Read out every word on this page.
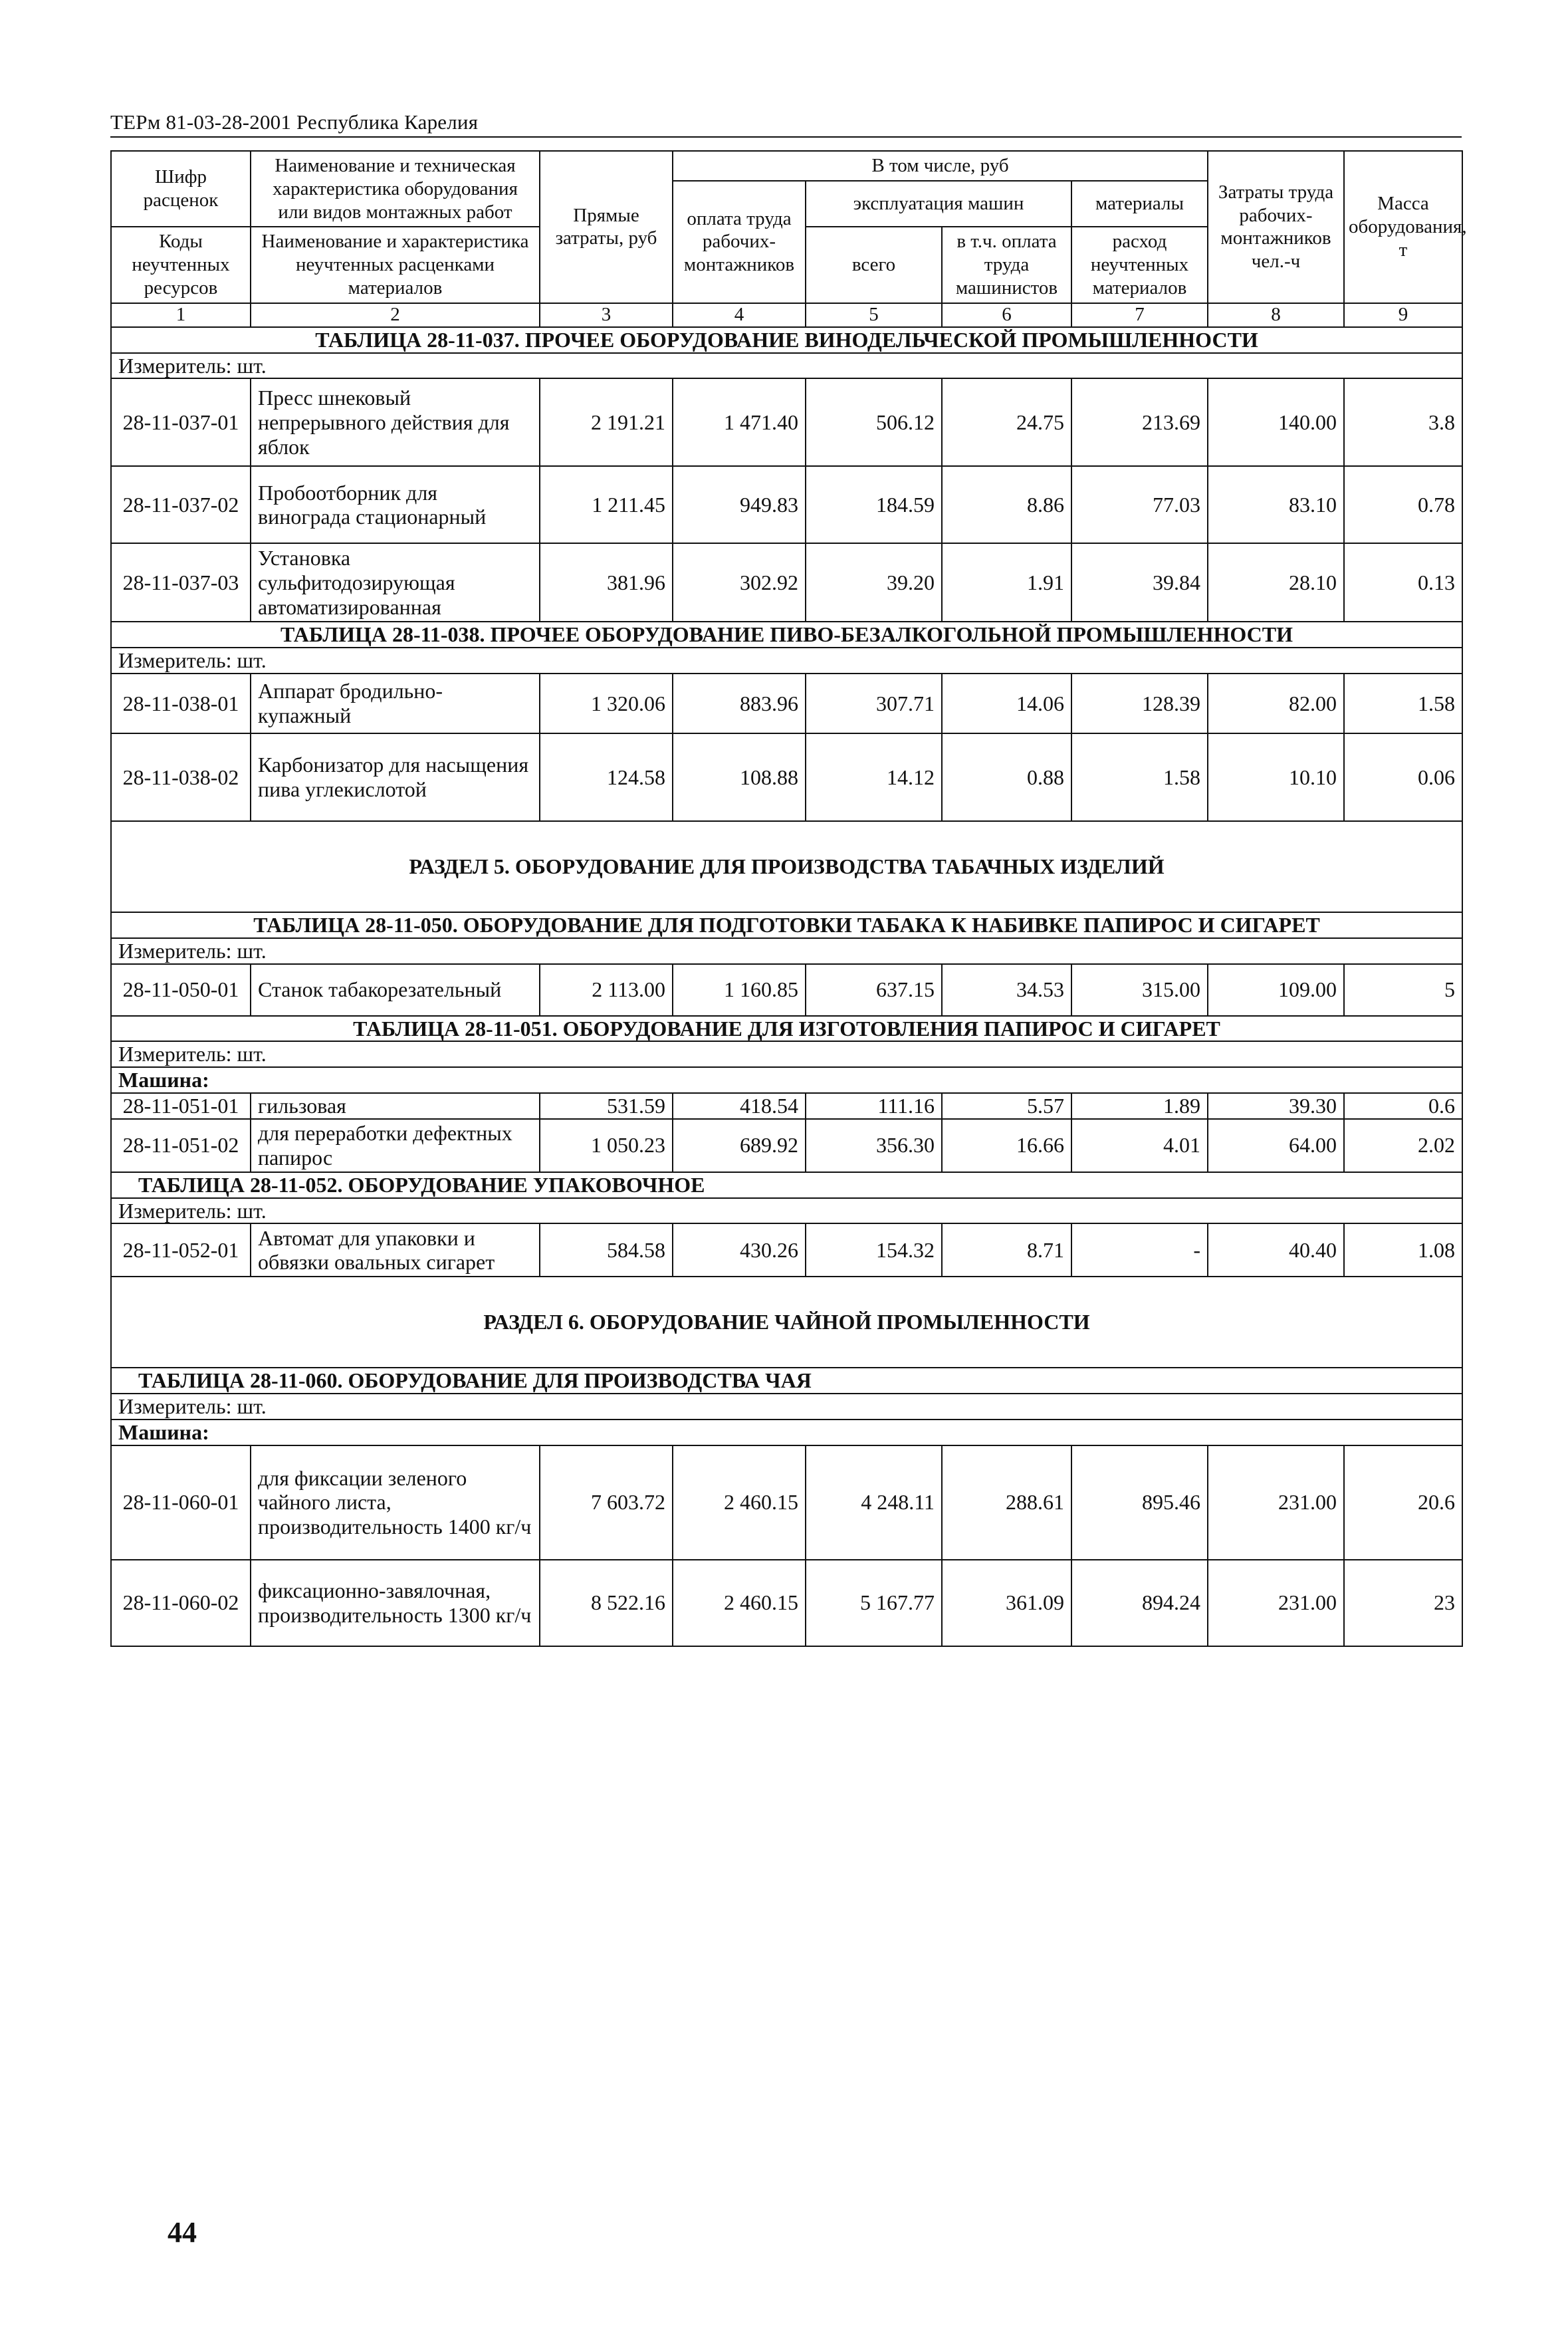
ТЕРм 81-03-28-2001 Республика Карелия
Шифр расценок	Наименование и техническая характеристика оборудования или видов монтажных работ	Прямые затраты, руб	В том числе, руб				Затраты труда рабочих-монтажников чел.-ч	Масса оборудования, т
			оплата труда рабочих-монтажников	эксплуатация машин		материалы		
Коды неучтенных ресурсов	Наименование и характеристика неучтенных расценками материалов			всего	в т.ч. оплата труда машинистов	расход неучтенных материалов		

1	2	3	4	5	6	7	8	9
ТАБЛИЦА 28-11-037. ПРОЧЕЕ ОБОРУДОВАНИЕ ВИНОДЕЛЬЧЕСКОЙ ПРОМЫШЛЕННОСТИ								
Измеритель: шт.								
28-11-037-01	Пресс шнековый непрерывного действия для яблок	2 191.21	1 471.40	506.12	24.75	213.69	140.00	3.8
28-11-037-02	Пробоотборник для винограда стационарный	1 211.45	949.83	184.59	8.86	77.03	83.10	0.78
28-11-037-03	Установка сульфитодозирующая автоматизированная	381.96	302.92	39.20	1.91	39.84	28.10	0.13
ТАБЛИЦА 28-11-038. ПРОЧЕЕ ОБОРУДОВАНИЕ ПИВО-БЕЗАЛКОГОЛЬНОЙ ПРОМЫШЛЕННОСТИ								
Измеритель: шт.								
28-11-038-01	Аппарат бродильно-купажный	1 320.06	883.96	307.71	14.06	128.39	82.00	1.58
28-11-038-02	Карбонизатор для насыщения пива углекислотой	124.58	108.88	14.12	0.88	1.58	10.10	0.06
РАЗДЕЛ 5. ОБОРУДОВАНИЕ ДЛЯ ПРОИЗВОДСТВА ТАБАЧНЫХ ИЗДЕЛИЙ								
ТАБЛИЦА 28-11-050. ОБОРУДОВАНИЕ ДЛЯ ПОДГОТОВКИ ТАБАКА К НАБИВКЕ ПАПИРОС И СИГАРЕТ								
Измеритель: шт.								
28-11-050-01	Станок табакорезательный	2 113.00	1 160.85	637.15	34.53	315.00	109.00	5
ТАБЛИЦА 28-11-051. ОБОРУДОВАНИЕ ДЛЯ ИЗГОТОВЛЕНИЯ ПАПИРОС И СИГАРЕТ								
Измеритель: шт.								
Машина:								
28-11-051-01	гильзовая	531.59	418.54	111.16	5.57	1.89	39.30	0.6
28-11-051-02	для переработки дефектных папирос	1 050.23	689.92	356.30	16.66	4.01	64.00	2.02
ТАБЛИЦА 28-11-052. ОБОРУДОВАНИЕ УПАКОВОЧНОЕ								
Измеритель: шт.								
28-11-052-01	Автомат для упаковки и обвязки овальных сигарет	584.58	430.26	154.32	8.71	-	40.40	1.08
РАЗДЕЛ 6. ОБОРУДОВАНИЕ ЧАЙНОЙ ПРОМЫЛЕННОСТИ								
ТАБЛИЦА 28-11-060. ОБОРУДОВАНИЕ ДЛЯ ПРОИЗВОДСТВА ЧАЯ								
Измеритель: шт.								
Машина:								
28-11-060-01	для фиксации зеленого чайного листа, производительность 1400 кг/ч	7 603.72	2 460.15	4 248.11	288.61	895.46	231.00	20.6
28-11-060-02	фиксационно-завялочная, производительность 1300 кг/ч	8 522.16	2 460.15	5 167.77	361.09	894.24	231.00	23
44
